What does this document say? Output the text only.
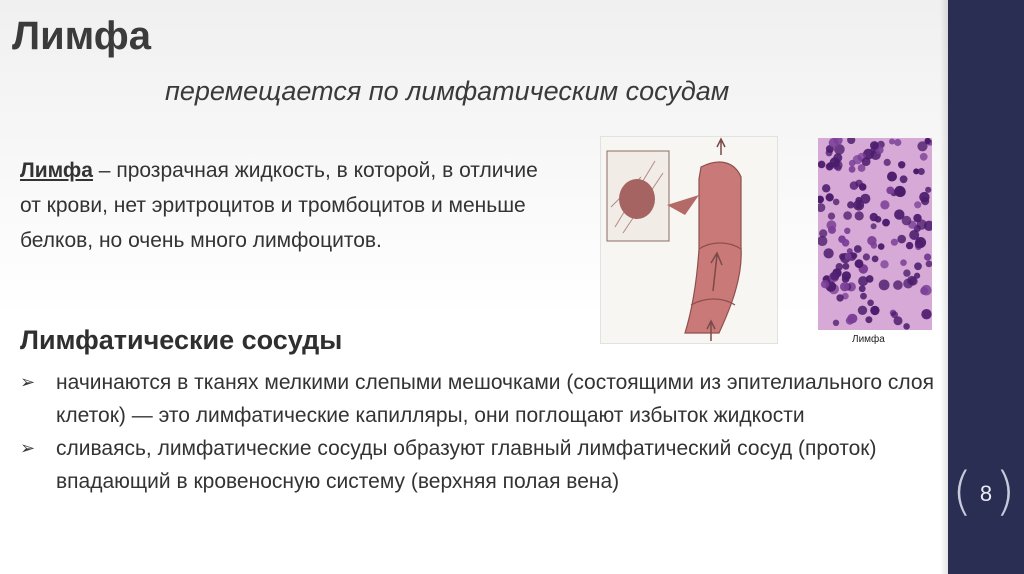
( 8 )
Лимфа
перемещается по лимфатическим сосудам
Лимфа – прозрачная жидкость, в которой, в отличие от крови, нет эритроцитов и тромбоцитов и меньше белков, но очень много лимфоцитов.
Лимфа
Лимфатические сосуды
➢ начинаются в тканях мелкими слепыми мешочками (состоящими из эпителиального слоя клеток) — это лимфатические капилляры, они поглощают избыток жидкости
➢ сливаясь, лимфатические сосуды образуют главный лимфатический сосуд (проток) впадающий в кровеносную систему (верхняя полая вена)
